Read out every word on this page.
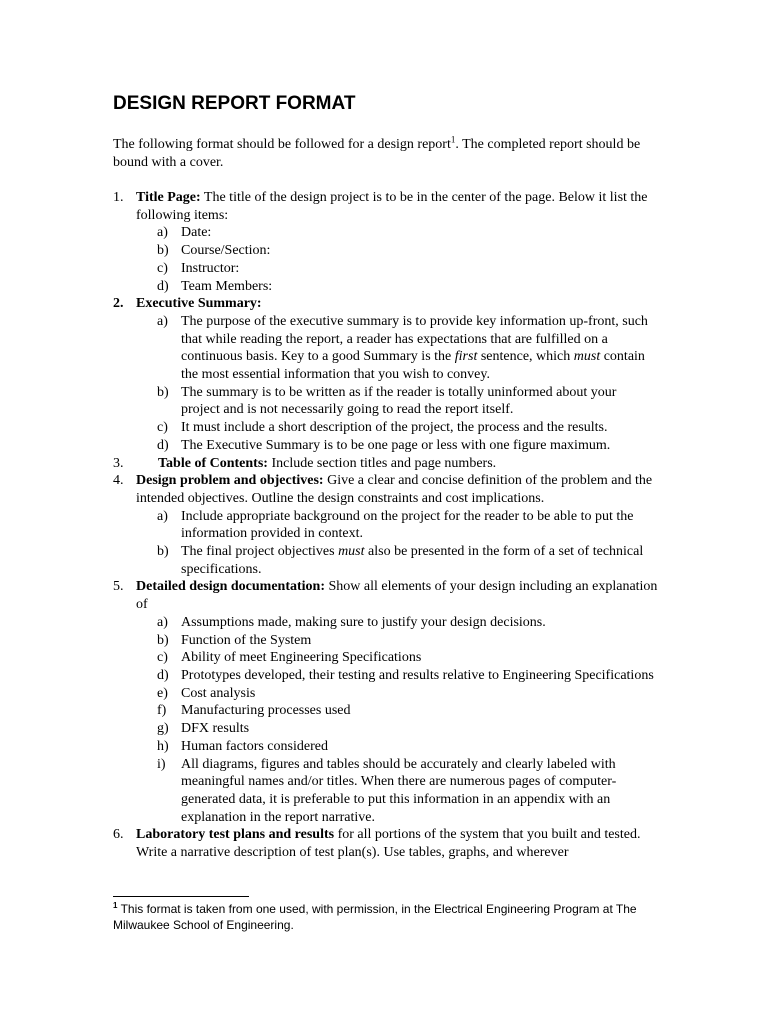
DESIGN REPORT FORMAT

The following format should be followed for a design report$^1$. The completed report should be bound with a cover.

1. Title Page: The title of the design project is to be in the center of the page. Below it list the following items:
a) Date:
b) Course/Section:
c) Instructor:
d) Team Members:
2. Executive Summary:
a) The purpose of the executive summary is to provide key information up-front, such that while reading the report, a reader has expectations that are fulfilled on a continuous basis. Key to a good Summary is the first sentence, which must contain the most essential information that you wish to convey.
b) The summary is to be written as if the reader is totally uninformed about your project and is not necessarily going to read the report itself.
c) It must include a short description of the project, the process and the results.
d) The Executive Summary is to be one page or less with one figure maximum.
3. Table of Contents: Include section titles and page numbers.
4. Design problem and objectives: Give a clear and concise definition of the problem and the intended objectives. Outline the design constraints and cost implications.
a) Include appropriate background on the project for the reader to be able to put the information provided in context.
b) The final project objectives must also be presented in the form of a set of technical specifications.
5. Detailed design documentation: Show all elements of your design including an explanation of
a) Assumptions made, making sure to justify your design decisions.
b) Function of the System
c) Ability of meet Engineering Specifications
d) Prototypes developed, their testing and results relative to Engineering Specifications
e) Cost analysis
f) Manufacturing processes used
g) DFX results
h) Human factors considered
i) All diagrams, figures and tables should be accurately and clearly labeled with meaningful names and/or titles. When there are numerous pages of computer-generated data, it is preferable to put this information in an appendix with an explanation in the report narrative.
6. Laboratory test plans and results for all portions of the system that you built and tested. Write a narrative description of test plan(s). Use tables, graphs, and wherever
$^1$ This format is taken from one used, with permission, in the Electrical Engineering Program at The Milwaukee School of Engineering.
